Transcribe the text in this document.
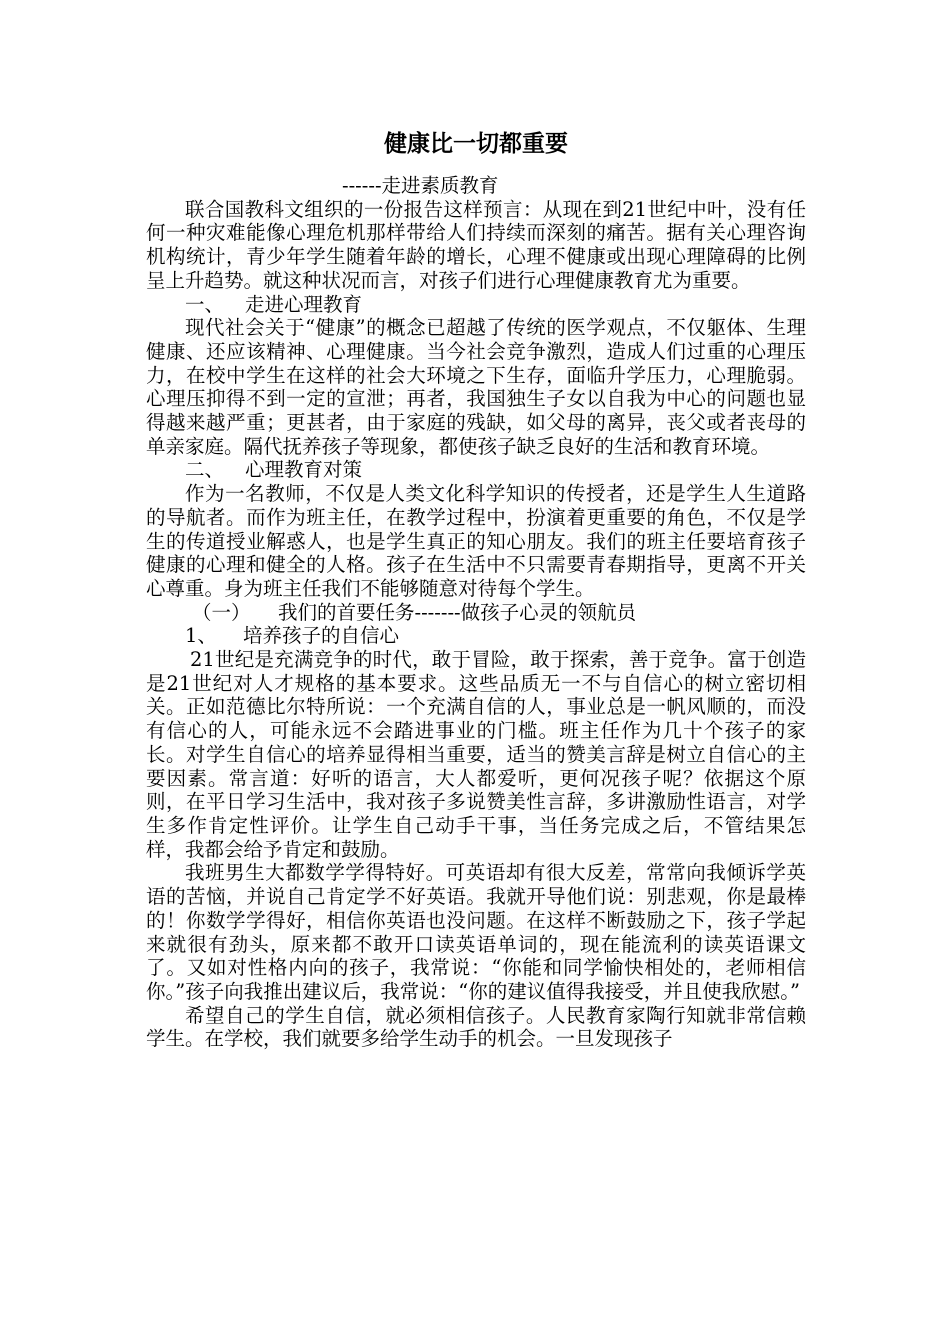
健康比一切都重要

------走进素质教育

联合国教科文组织的一份报告这样预言：从现在到21世纪中叶，没有任何一种灾难能像心理危机那样带给人们持续而深刻的痛苦。据有关心理咨询机构统计，青少年学生随着年龄的增长，心理不健康或出现心理障碍的比例呈上升趋势。就这种状况而言，对孩子们进行心理健康教育尤为重要。

一、 走进心理教育

现代社会关于“健康”的概念已超越了传统的医学观点，不仅躯体、生理健康、还应该精神、心理健康。当今社会竞争激烈，造成人们过重的心理压力，在校中学生在这样的社会大环境之下生存，面临升学压力，心理脆弱。心理压抑得不到一定的宣泄；再者，我国独生子女以自我为中心的问题也显得越来越严重；更甚者，由于家庭的残缺，如父母的离异，丧父或者丧母的单亲家庭。隔代抚养孩子等现象，都使孩子缺乏良好的生活和教育环境。

二、 心理教育对策

作为一名教师，不仅是人类文化科学知识的传授者，还是学生人生道路的导航者。而作为班主任，在教学过程中，扮演着更重要的角色，不仅是学生的传道授业解惑人，也是学生真正的知心朋友。我们的班主任要培育孩子健康的心理和健全的人格。孩子在生活中不只需要青春期指导，更离不开关心尊重。身为班主任我们不能够随意对待每个学生。

（一） 我们的首要任务-------做孩子心灵的领航员

1、 培养孩子的自信心

21世纪是充满竞争的时代，敢于冒险，敢于探索，善于竞争。富于创造是21世纪对人才规格的基本要求。这些品质无一不与自信心的树立密切相关。正如范德比尔特所说：一个充满自信的人，事业总是一帆风顺的，而没有信心的人，可能永远不会踏进事业的门槛。班主任作为几十个孩子的家长。对学生自信心的培养显得相当重要，适当的赞美言辞是树立自信心的主要因素。常言道：好听的语言，大人都爱听，更何况孩子呢？依据这个原则，在平日学习生活中，我对孩子多说赞美性言辞，多讲激励性语言，对学生多作肯定性评价。让学生自己动手干事，当任务完成之后，不管结果怎样，我都会给予肯定和鼓励。

我班男生大都数学学得特好。可英语却有很大反差，常常向我倾诉学英语的苦恼，并说自己肯定学不好英语。我就开导他们说：别悲观，你是最棒的！你数学学得好，相信你英语也没问题。在这样不断鼓励之下，孩子学起来就很有劲头，原来都不敢开口读英语单词的，现在能流利的读英语课文了。又如对性格内向的孩子，我常说：“你能和同学愉快相处的，老师相信你。”孩子向我推出建议后，我常说：“你的建议值得我接受，并且使我欣慰。”

希望自己的学生自信，就必须相信孩子。人民教育家陶行知就非常信赖学生。在学校，我们就要多给学生动手的机会。一旦发现孩子
